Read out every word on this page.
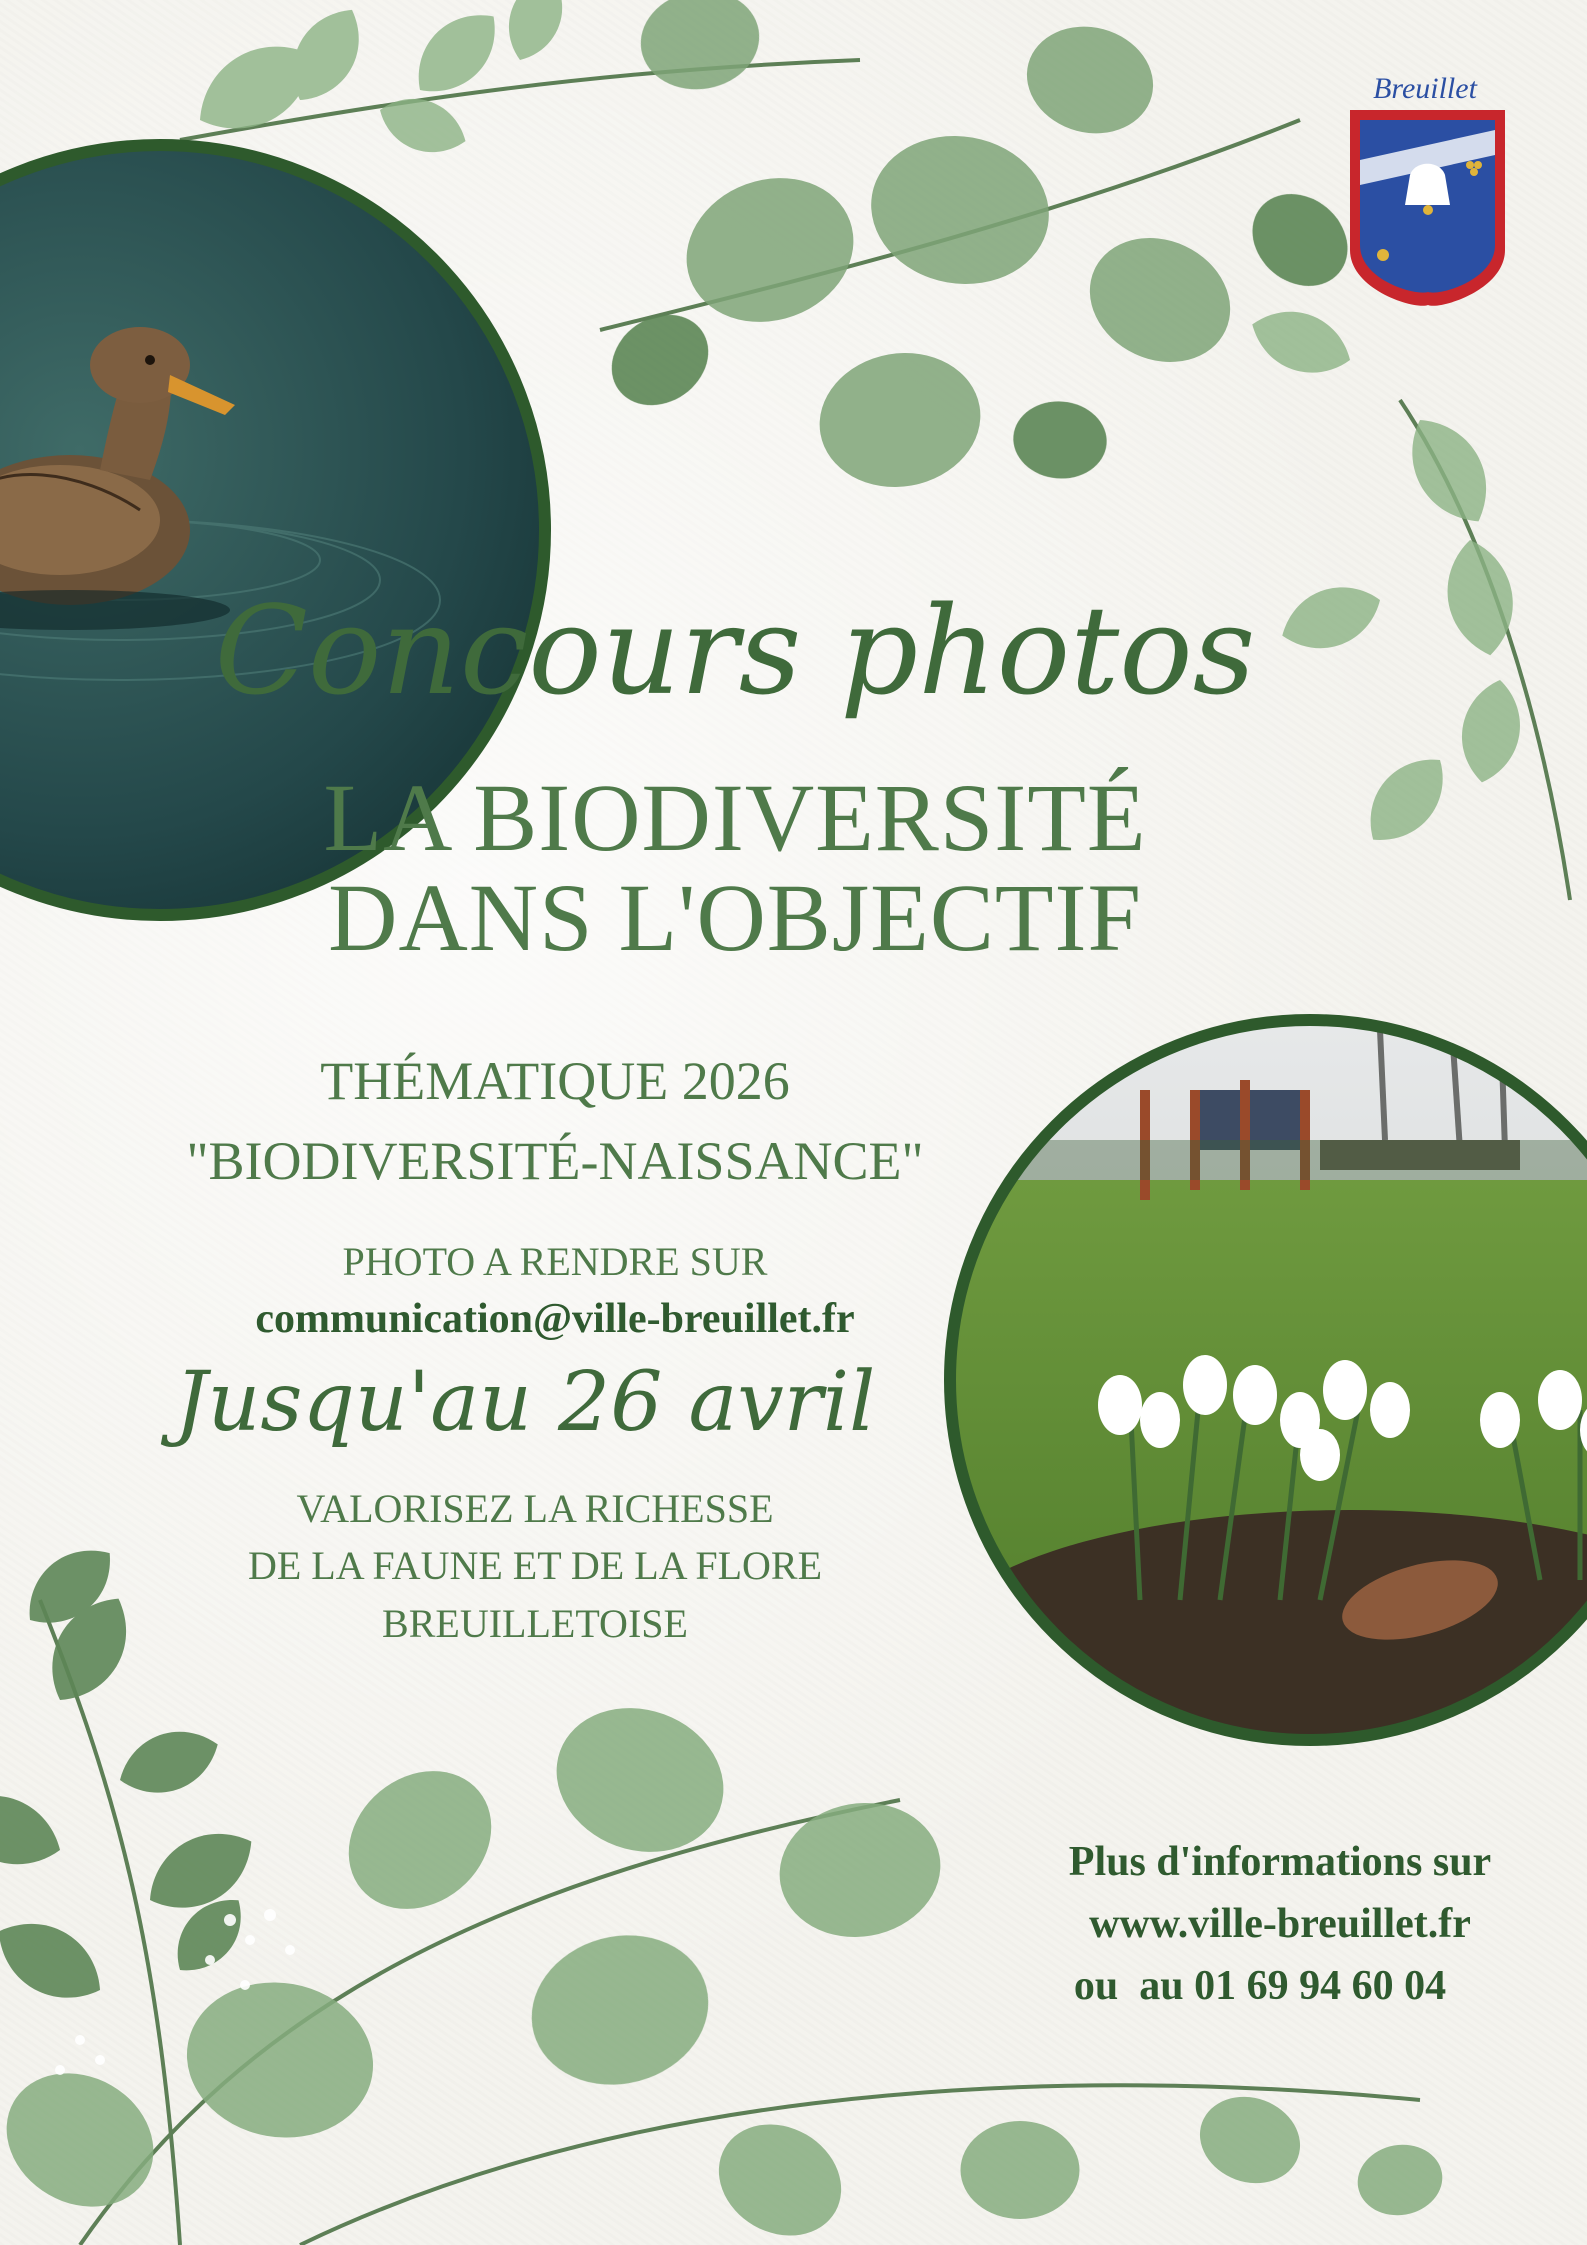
Breuillet
Concours photos
LA BIODIVERSITÉ
DANS L'OBJECTIF
THÉMATIQUE 2026
"BIODIVERSITÉ-NAISSANCE"
PHOTO A RENDRE SUR
communication@ville-breuillet.fr
Jusqu'au 26 avril
VALORISEZ LA RICHESSE
DE LA FAUNE ET DE LA FLORE
BREUILLETOISE
Plus d'informations sur
www.ville-breuillet.fr
ou  au 01 69 94 60 04
